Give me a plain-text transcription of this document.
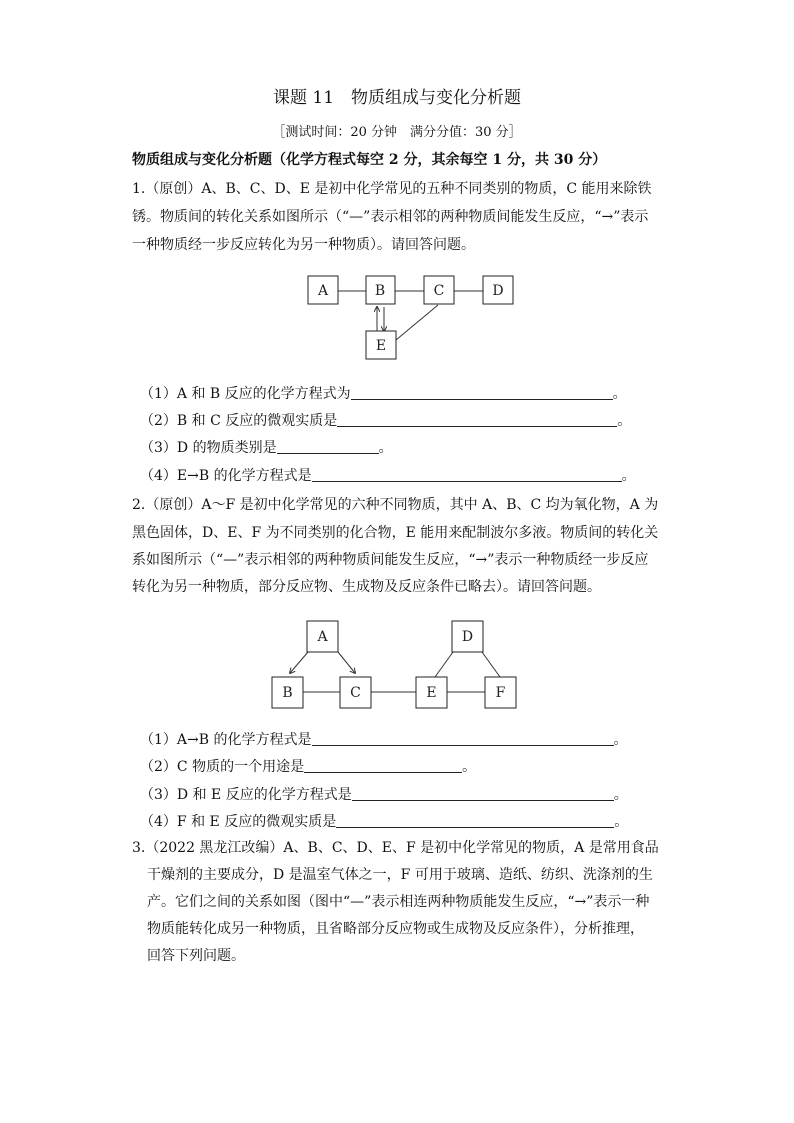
课题 11　物质组成与变化分析题
［测试时间：20 分钟　满分分值：30 分］
物质组成与变化分析题（化学方程式每空 2 分，其余每空 1 分，共 30 分）
1.（原创）A、B、C、D、E 是初中化学常见的五种不同类别的物质，C 能用来除铁
锈。物质间的转化关系如图所示（“—”表示相邻的两种物质间能发生反应，“→”表示
一种物质经一步反应转化为另一种物质）。请回答问题。
A	B	C	D
E
（1）A 和 B 反应的化学方程式为	。
（2）B 和 C 反应的微观实质是	。
（3）D 的物质类别是	。
（4）E→B 的化学方程式是	。
2.（原创）A～F 是初中化学常见的六种不同物质，其中 A、B、C 均为氧化物，A 为
黑色固体，D、E、F 为不同类别的化合物，E 能用来配制波尔多液。物质间的转化关
系如图所示（“—”表示相邻的两种物质间能发生反应，“→”表示一种物质经一步反应
转化为另一种物质，部分反应物、生成物及反应条件已略去）。请回答问题。
A
B	C
D
E	F
（1）A→B 的化学方程式是	。
（2）C 物质的一个用途是	。
（3）D 和 E 反应的化学方程式是	。
（4）F 和 E 反应的微观实质是	。
3.（2022 黑龙江改编）A、B、C、D、E、F 是初中化学常见的物质，A 是常用食品
干燥剂的主要成分，D 是温室气体之一，F 可用于玻璃、造纸、纺织、洗涤剂的生
产。它们之间的关系如图（图中“—”表示相连两种物质能发生反应，“→”表示一种
物质能转化成另一种物质，且省略部分反应物或生成物及反应条件），分析推理，
回答下列问题。
